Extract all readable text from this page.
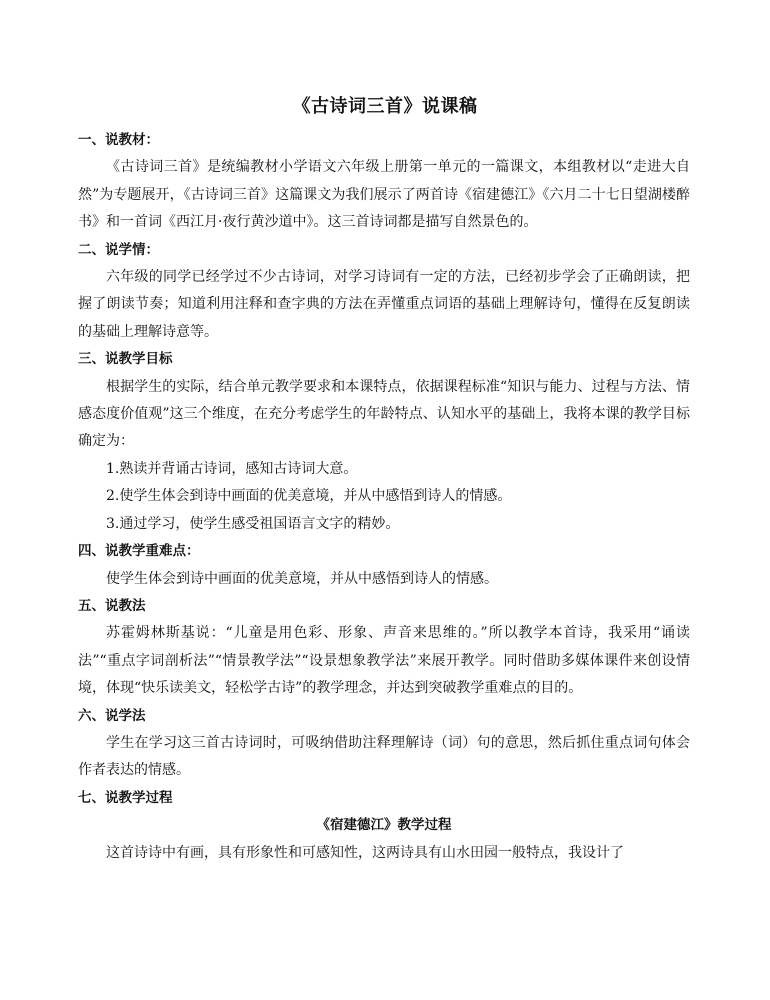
《古诗词三首》说课稿
一、说教材：
《古诗词三首》是统编教材小学语文六年级上册第一单元的一篇课文，本组教材以“走进大自然”为专题展开，《古诗词三首》这篇课文为我们展示了两首诗《宿建德江》《六月二十七日望湖楼醉书》和一首词《西江月·夜行黄沙道中》。这三首诗词都是描写自然景色的。
二、说学情：
六年级的同学已经学过不少古诗词，对学习诗词有一定的方法，已经初步学会了正确朗读，把握了朗读节奏；知道利用注释和查字典的方法在弄懂重点词语的基础上理解诗句，懂得在反复朗读的基础上理解诗意等。
三、说教学目标
根据学生的实际，结合单元教学要求和本课特点，依据课程标准“知识与能力、过程与方法、情感态度价值观”这三个维度，在充分考虑学生的年龄特点、认知水平的基础上，我将本课的教学目标确定为：
1.熟读并背诵古诗词，感知古诗词大意。
2.使学生体会到诗中画面的优美意境，并从中感悟到诗人的情感。
3.通过学习，使学生感受祖国语言文字的精妙。
四、说教学重难点：
使学生体会到诗中画面的优美意境，并从中感悟到诗人的情感。
五、说教法
苏霍姆林斯基说：“儿童是用色彩、形象、声音来思维的。”所以教学本首诗，我采用“诵读法”“重点字词剖析法”“情景教学法”“设景想象教学法”来展开教学。同时借助多媒体课件来创设情境，体现“快乐读美文，轻松学古诗”的教学理念，并达到突破教学重难点的目的。
六、说学法
学生在学习这三首古诗词时，可吸纳借助注释理解诗（词）句的意思，然后抓住重点词句体会作者表达的情感。
七、说教学过程
《宿建德江》教学过程
这首诗诗中有画，具有形象性和可感知性，这两诗具有山水田园一般特点，我设计了
